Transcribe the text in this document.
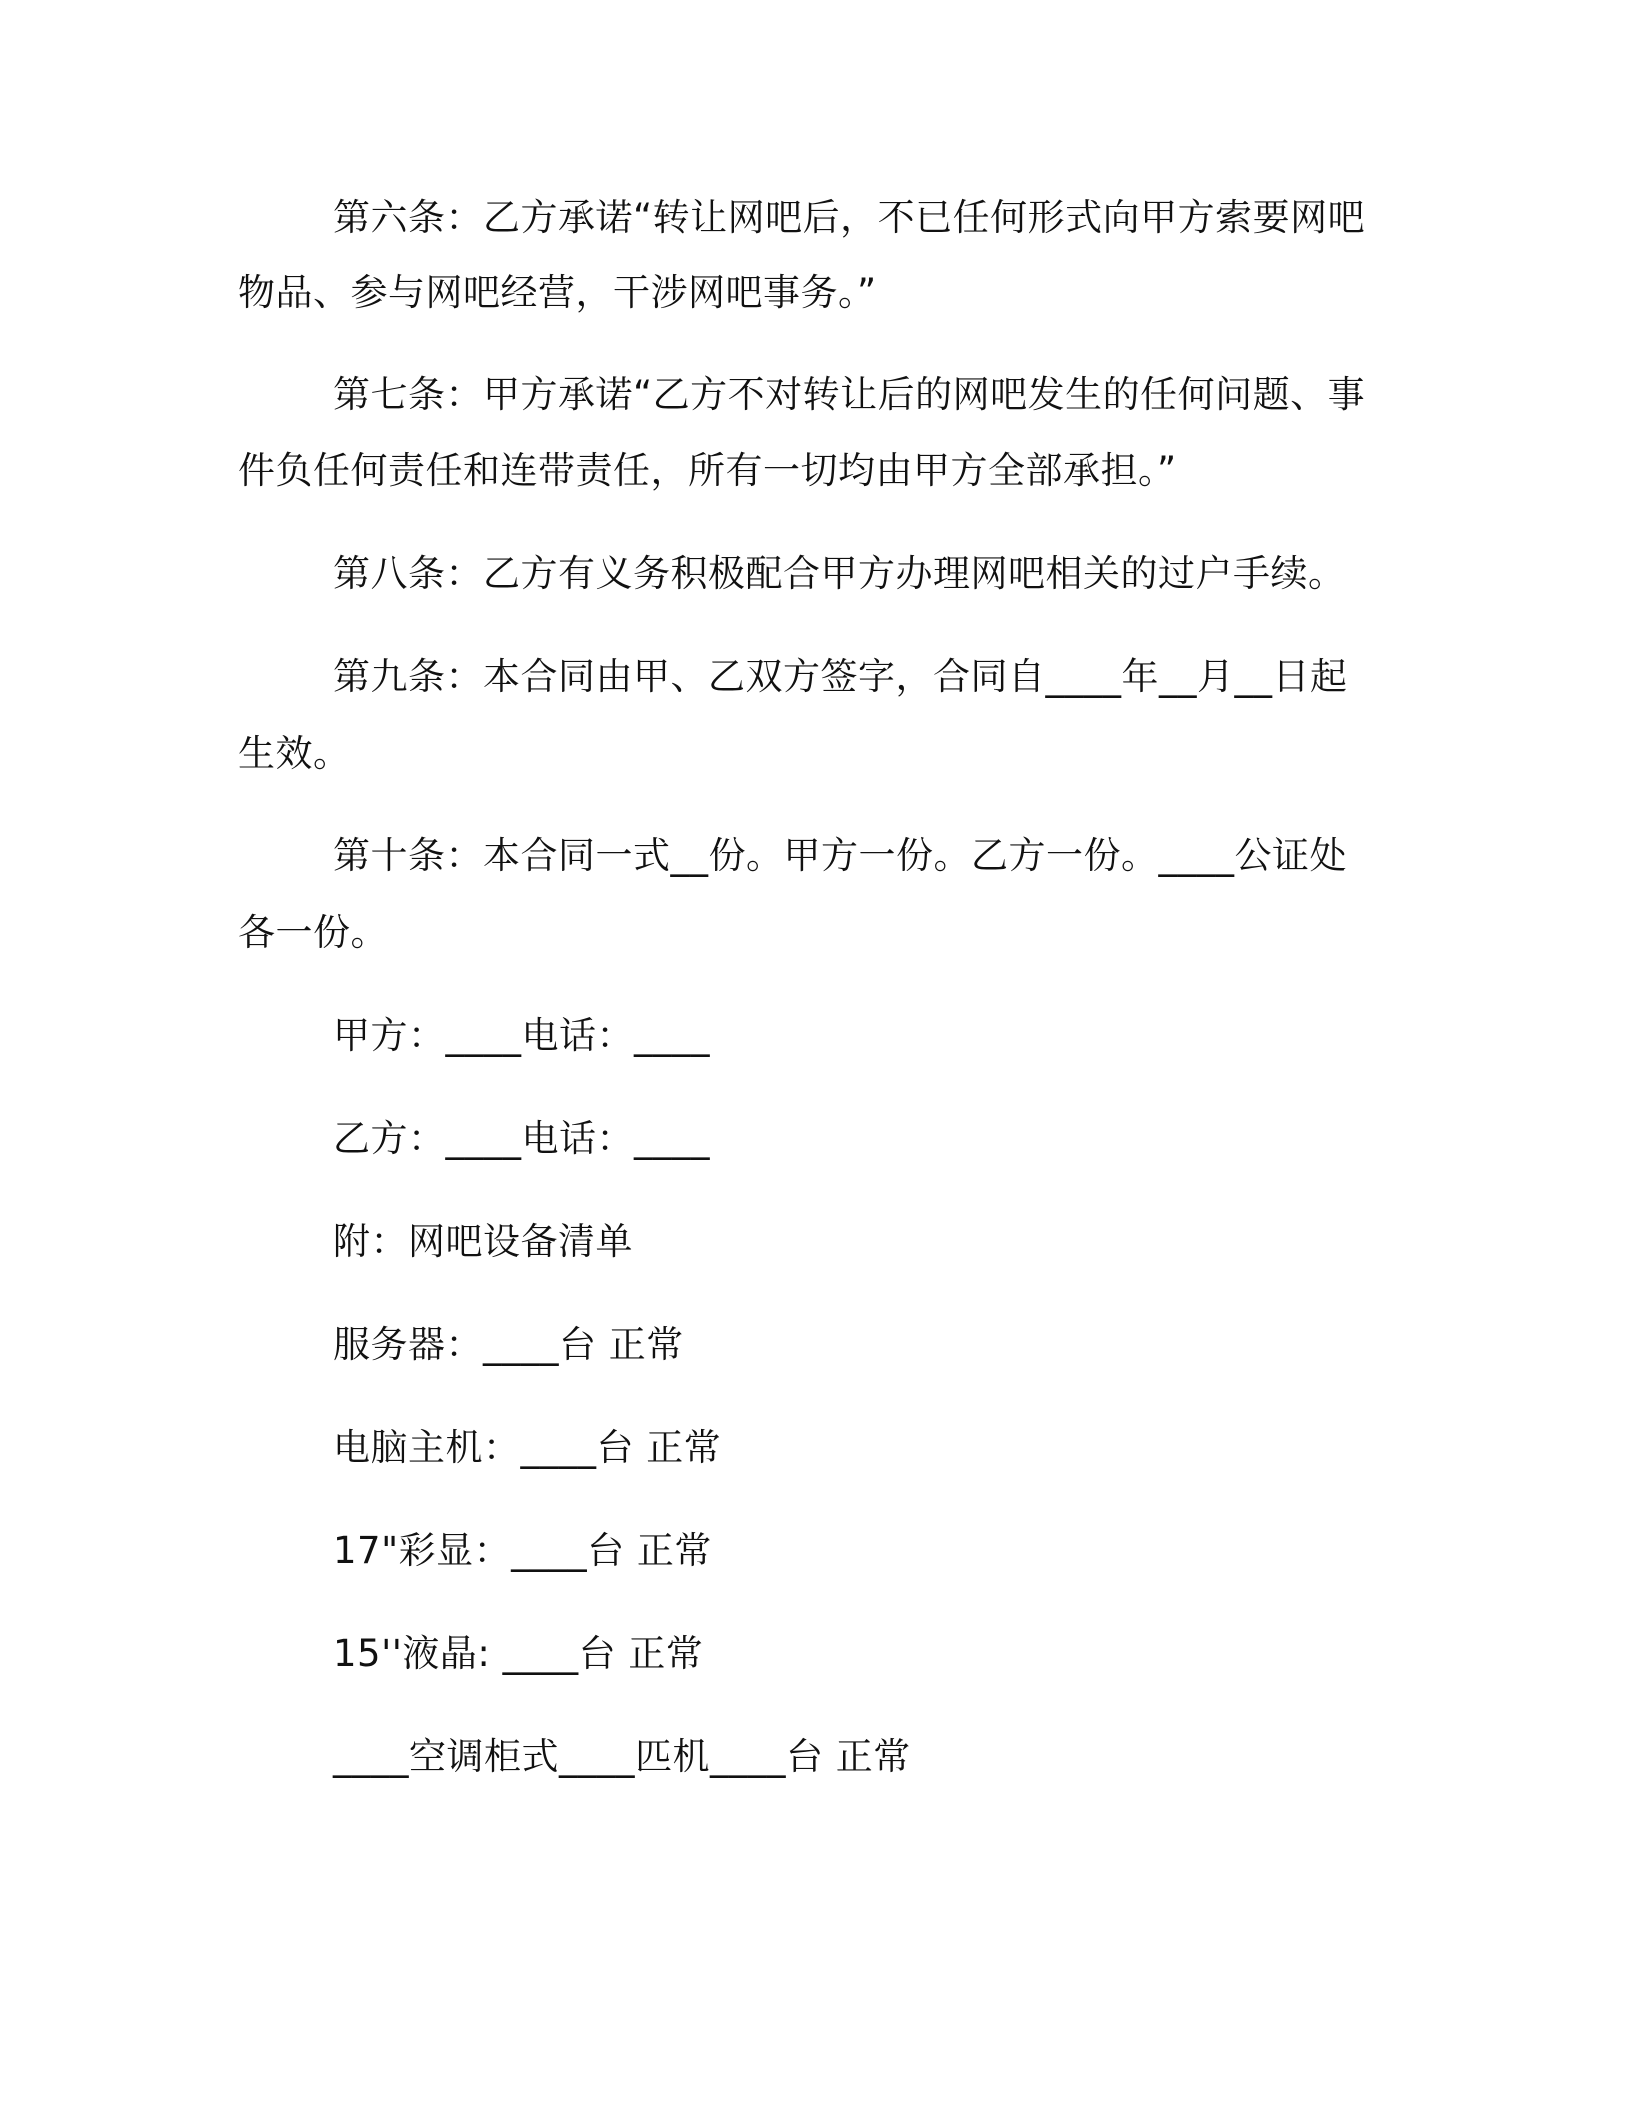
第六条：乙方承诺“转让网吧后，不已任何形式向甲方索要网吧

物品、参与网吧经营，干涉网吧事务。”

第七条：甲方承诺“乙方不对转让后的网吧发生的任何问题、事

件负任何责任和连带责任，所有一切均由甲方全部承担。”

第八条：乙方有义务积极配合甲方办理网吧相关的过户手续。

第九条：本合同由甲、乙双方签字，合同自____年__月__日起

生效。

第十条：本合同一式__份。甲方一份。乙方一份。____公证处

各一份。

甲方：____电话：____

乙方：____电话：____

附：网吧设备清单

服务器：____台 正常

电脑主机：____台 正常

17"彩显：____台 正常

15''液晶: ____台 正常

____空调柜式____匹机____台 正常
